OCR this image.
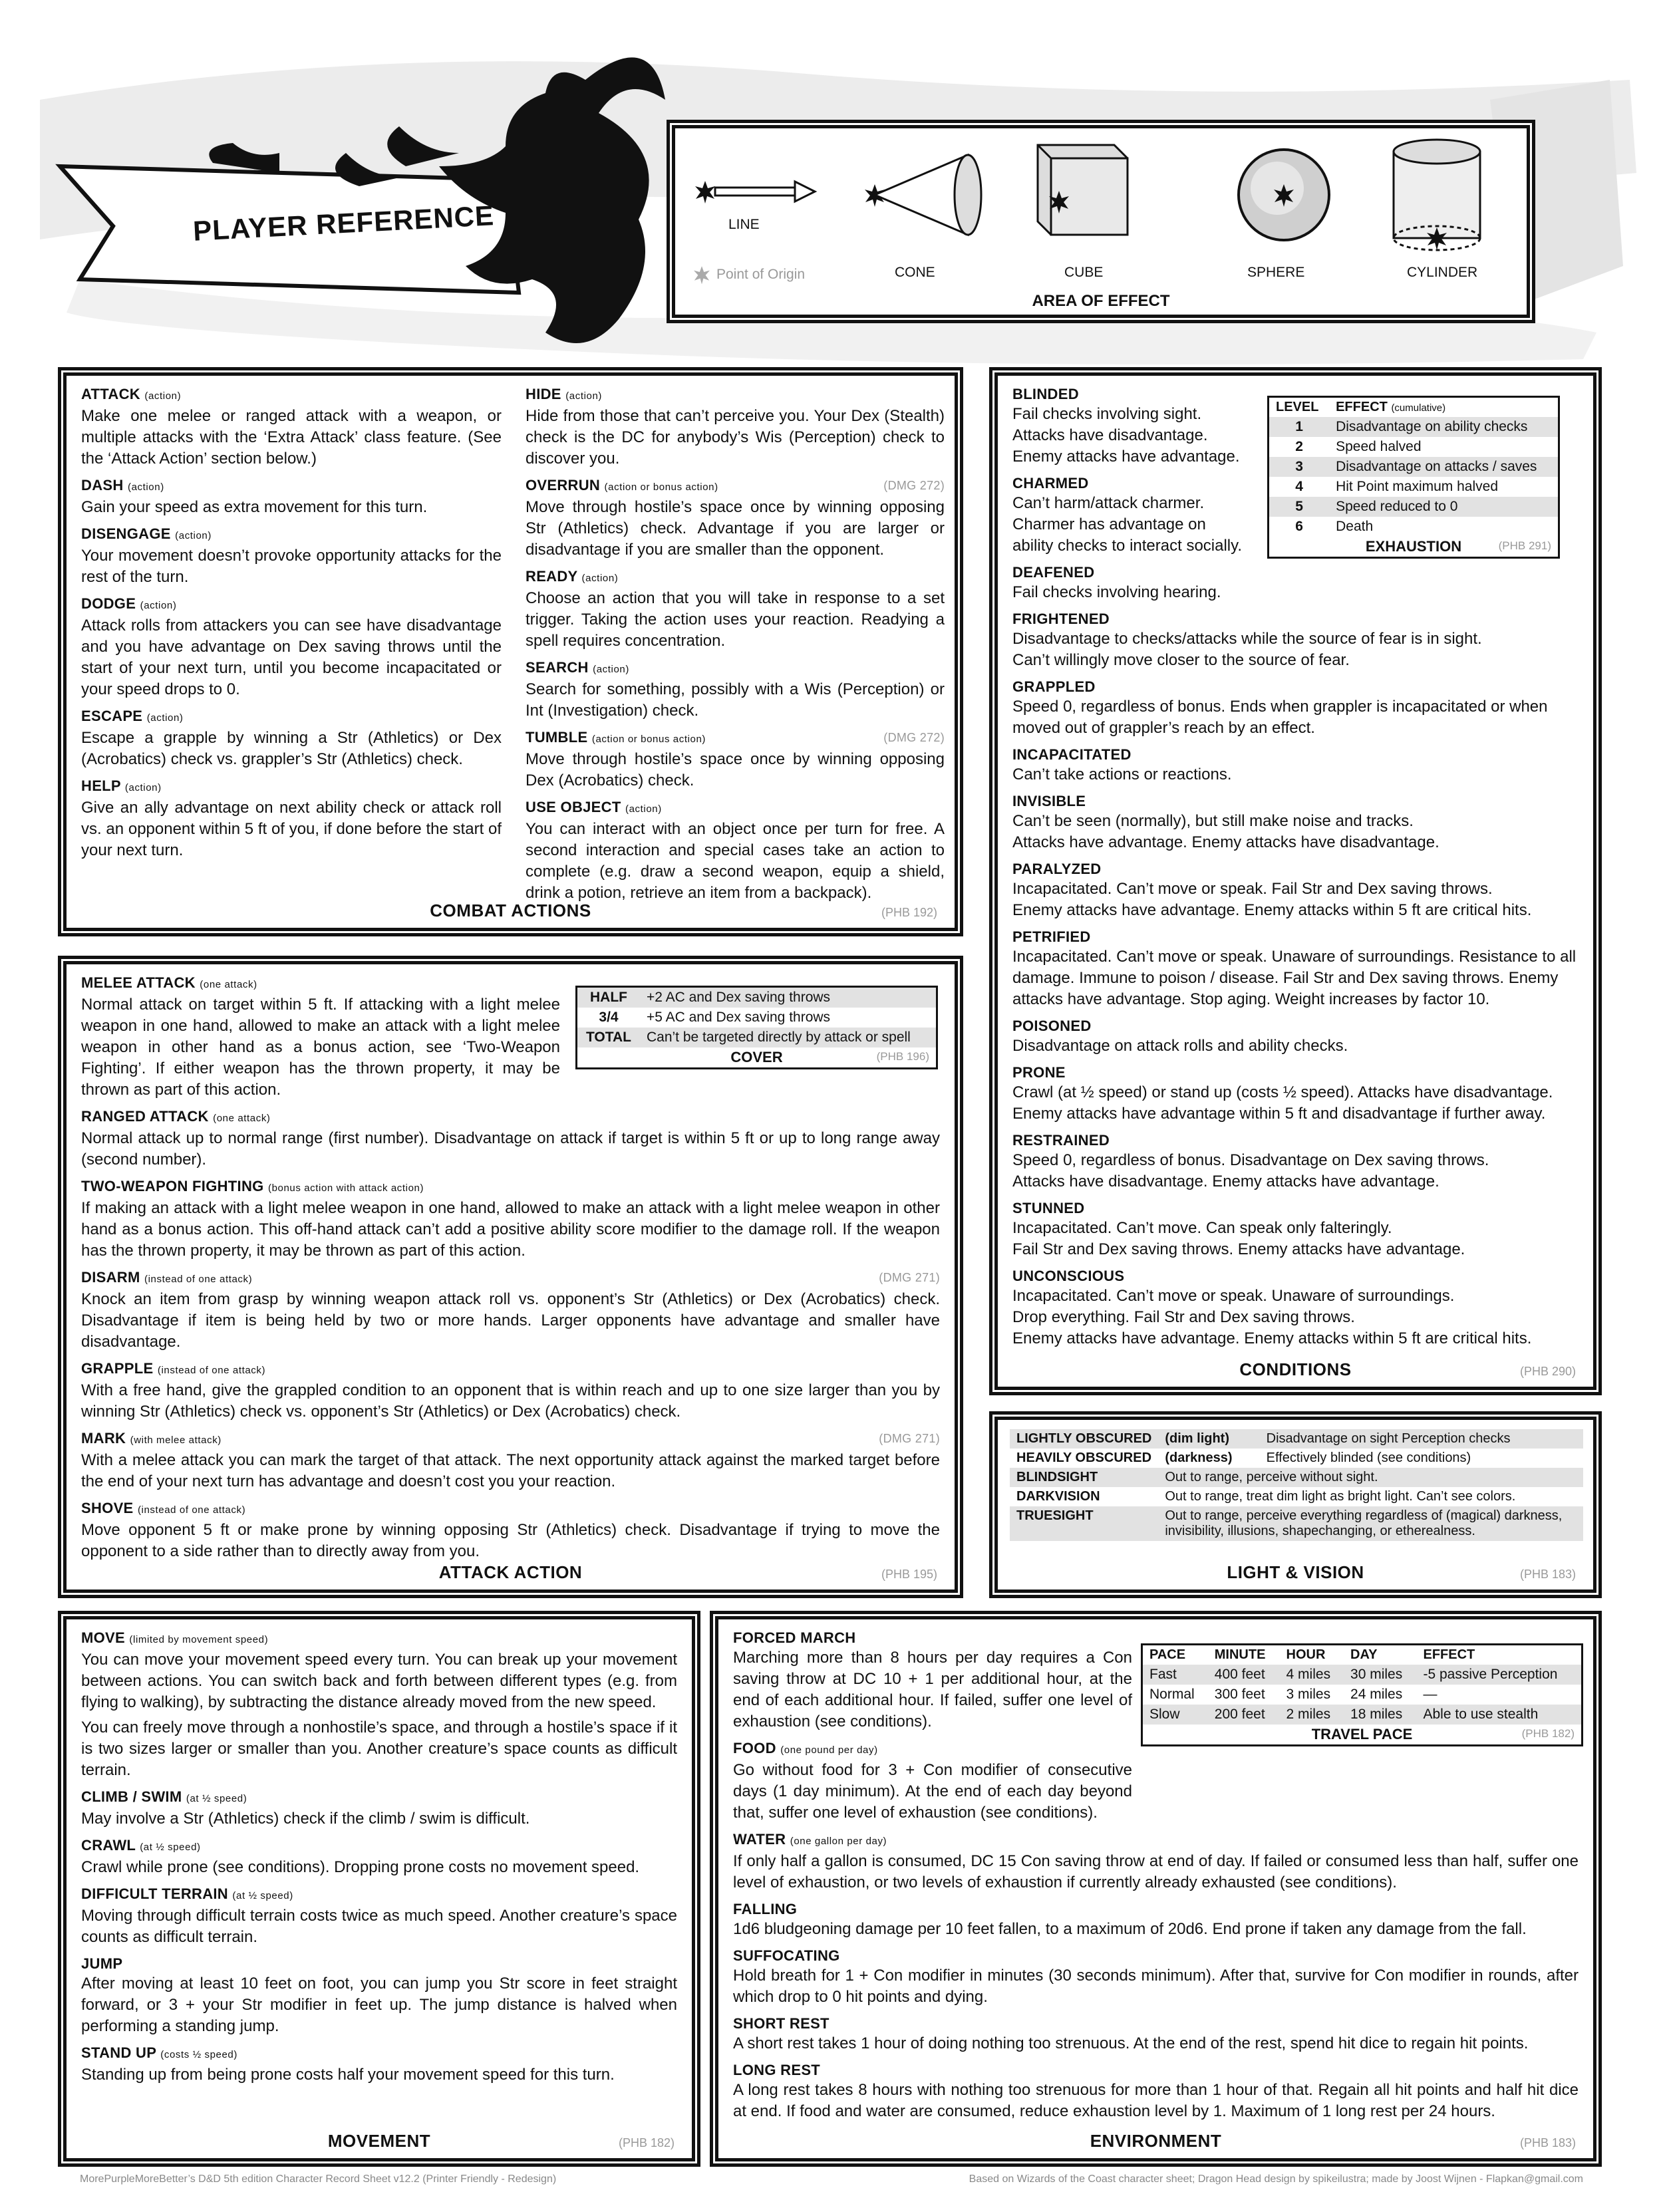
PLAYER REFERENCE	LINE
Point of Origin	CONE	CUBE	SPHERE	CYLINDER
AREA OF EFFECT
ATTACK (action)
Make one melee or ranged attack with a weapon, or multiple attacks with the ‘Extra Attack’ class feature. (See the ‘Attack Action’ section below.)
DASH (action)
Gain your speed as extra movement for this turn.
DISENGAGE (action)
Your movement doesn’t provoke opportunity attacks for the rest of the turn.
DODGE (action)
Attack rolls from attackers you can see have disadvantage and you have advantage on Dex saving throws until the start of your next turn, until you become incapacitated or your speed drops to 0.
ESCAPE (action)
Escape a grapple by winning a Str (Athletics) or Dex (Acrobatics) check vs. grappler’s Str (Athletics) check.
HELP (action)
Give an ally advantage on next ability check or attack roll vs. an opponent within 5 ft of you, if done before the start of your next turn.
HIDE (action)
Hide from those that can’t perceive you. Your Dex (Stealth) check is the DC for anybody’s Wis (Perception) check to discover you.
OVERRUN (action or bonus action)	(DMG 272)
Move through hostile’s space once by winning opposing Str (Athletics) check. Advantage if you are larger or disadvantage if you are smaller than the opponent.
READY (action)
Choose an action that you will take in response to a set trigger. Taking the action uses your reaction. Readying a spell requires concentration.
SEARCH (action)
Search for something, possibly with a Wis (Perception) or Int (Investigation) check.
TUMBLE (action or bonus action)	(DMG 272)
Move through hostile’s space once by winning opposing Dex (Acrobatics) check.
USE OBJECT (action)
You can interact with an object once per turn for free. A second interaction and special cases take an action to complete (e.g. draw a second weapon, equip a shield, drink a potion, retrieve an item from a backpack).
COMBAT ACTIONS	(PHB 192)
MELEE ATTACK (one attack)
Normal attack on target within 5 ft. If attacking with a light melee weapon in one hand, allowed to make an attack with a light melee weapon in other hand as a bonus action, see ‘Two-Weapon Fighting’. If either weapon has the thrown property, it may be thrown as part of this action.
RANGED ATTACK (one attack)
Normal attack up to normal range (first number). Disadvantage on attack if target is within 5 ft or up to long range away (second number).
TWO-WEAPON FIGHTING (bonus action with attack action)
If making an attack with a light melee weapon in one hand, allowed to make an attack with a light melee weapon in other hand as a bonus action. This off-hand attack can’t add a positive ability score modifier to the damage roll. If the weapon has the thrown property, it may be thrown as part of this action.
DISARM (instead of one attack)	(DMG 271)
Knock an item from grasp by winning weapon attack roll vs. opponent’s Str (Athletics) or Dex (Acrobatics) check. Disadvantage if item is being held by two or more hands. Larger opponents have advantage and smaller have disadvantage.
GRAPPLE (instead of one attack)
With a free hand, give the grappled condition to an opponent that is within reach and up to one size larger than you by winning Str (Athletics) check vs. opponent’s Str (Athletics) or Dex (Acrobatics) check.
MARK (with melee attack)	(DMG 271)
With a melee attack you can mark the target of that attack. The next opportunity attack against the marked target before the end of your next turn has advantage and doesn’t cost you your reaction.
SHOVE (instead of one attack)
Move opponent 5 ft or make prone by winning opposing Str (Athletics) check. Disadvantage if trying to move the opponent to a side rather than to directly away from you.
HALF	+2 AC and Dex saving throws
3/4	+5 AC and Dex saving throws
TOTAL	Can’t be targeted directly by attack or spell
COVER	(PHB 196)
ATTACK ACTION	(PHB 195)
BLINDED
Fail checks involving sight.
Attacks have disadvantage.
Enemy attacks have advantage.
CHARMED
Can’t harm/attack charmer.
Charmer has advantage on
ability checks to interact socially.
DEAFENED
Fail checks involving hearing.
FRIGHTENED
Disadvantage to checks/attacks while the source of fear is in sight.
Can’t willingly move closer to the source of fear.
GRAPPLED
Speed 0, regardless of bonus. Ends when grappler is incapacitated or when moved out of grappler’s reach by an effect.
INCAPACITATED
Can’t take actions or reactions.
INVISIBLE
Can’t be seen (normally), but still make noise and tracks.
Attacks have advantage. Enemy attacks have disadvantage.
PARALYZED
Incapacitated. Can’t move or speak. Fail Str and Dex saving throws.
Enemy attacks have advantage. Enemy attacks within 5 ft are critical hits.
PETRIFIED
Incapacitated. Can’t move or speak. Unaware of surroundings. Resistance to all damage. Immune to poison / disease. Fail Str and Dex saving throws. Enemy attacks have advantage. Stop aging. Weight increases by factor 10.
POISONED
Disadvantage on attack rolls and ability checks.
PRONE
Crawl (at ½ speed) or stand up (costs ½ speed). Attacks have disadvantage. Enemy attacks have advantage within 5 ft and disadvantage if further away.
RESTRAINED
Speed 0, regardless of bonus. Disadvantage on Dex saving throws.
Attacks have disadvantage. Enemy attacks have advantage.
STUNNED
Incapacitated. Can’t move. Can speak only falteringly.
Fail Str and Dex saving throws. Enemy attacks have advantage.
UNCONSCIOUS
Incapacitated. Can’t move or speak. Unaware of surroundings.
Drop everything. Fail Str and Dex saving throws.
Enemy attacks have advantage. Enemy attacks within 5 ft are critical hits.
LEVEL	EFFECT (cumulative)
1	Disadvantage on ability checks
2	Speed halved
3	Disadvantage on attacks / saves
4	Hit Point maximum halved
5	Speed reduced to 0
6	Death
EXHAUSTION	(PHB 291)
CONDITIONS	(PHB 290)
LIGHTLY OBSCURED	(dim light)	Disadvantage on sight Perception checks
HEAVILY OBSCURED	(darkness)	Effectively blinded (see conditions)
BLINDSIGHT	Out to range, perceive without sight.	
DARKVISION	Out to range, treat dim light as bright light. Can’t see colors.	
TRUESIGHT	Out to range, perceive everything regardless of (magical) darkness, invisibility, illusions, shapechanging, or etherealness.	
LIGHT & VISION	(PHB 183)
MOVE (limited by movement speed)
You can move your movement speed every turn. You can break up your movement between actions. You can switch back and forth between different types (e.g. from flying to walking), by subtracting the distance already moved from the new speed.
You can freely move through a nonhostile’s space, and through a hostile’s space if it is two sizes larger or smaller than you. Another creature’s space counts as difficult terrain.
CLIMB / SWIM (at ½ speed)
May involve a Str (Athletics) check if the climb / swim is difficult.
CRAWL (at ½ speed)
Crawl while prone (see conditions). Dropping prone costs no movement speed.
DIFFICULT TERRAIN (at ½ speed)
Moving through difficult terrain costs twice as much speed. Another creature’s space counts as difficult terrain.
JUMP
After moving at least 10 feet on foot, you can jump you Str score in feet straight forward, or 3 + your Str modifier in feet up. The jump distance is halved when performing a standing jump.
STAND UP (costs ½ speed)
Standing up from being prone costs half your movement speed for this turn.
MOVEMENT	(PHB 182)
FORCED MARCH
Marching more than 8 hours per day requires a Con saving throw at DC 10 + 1 per additional hour, at the end of each additional hour. If failed, suffer one level of exhaustion (see conditions).
FOOD (one pound per day)
Go without food for 3 + Con modifier of consecutive days (1 day minimum). At the end of each day beyond that, suffer one level of exhaustion (see conditions).
WATER (one gallon per day)
If only half a gallon is consumed, DC 15 Con saving throw at end of day. If failed or consumed less than half, suffer one level of exhaustion, or two levels of exhaustion if currently already exhausted (see conditions).
FALLING
1d6 bludgeoning damage per 10 feet fallen, to a maximum of 20d6. End prone if taken any damage from the fall.
SUFFOCATING
Hold breath for 1 + Con modifier in minutes (30 seconds minimum). After that, survive for Con modifier in rounds, after which drop to 0 hit points and dying.
SHORT REST
A short rest takes 1 hour of doing nothing too strenuous. At the end of the rest, spend hit dice to regain hit points.
LONG REST
A long rest takes 8 hours with nothing too strenuous for more than 1 hour of that. Regain all hit points and half hit dice at end. If food and water are consumed, reduce exhaustion level by 1. Maximum of 1 long rest per 24 hours.
PACE	MINUTE	HOUR	DAY	EFFECT
Fast	400 feet	4 miles	30 miles	-5 passive Perception
Normal	300 feet	3 miles	24 miles	—
Slow	200 feet	2 miles	18 miles	Able to use stealth
TRAVEL PACE	(PHB 182)
ENVIRONMENT	(PHB 183)
MorePurpleMoreBetter’s D&D 5th edition Character Record Sheet v12.2 (Printer Friendly - Redesign)	Based on Wizards of the Coast character sheet; Dragon Head design by spikeilustra; made by Joost Wijnen - Flapkan@gmail.com
